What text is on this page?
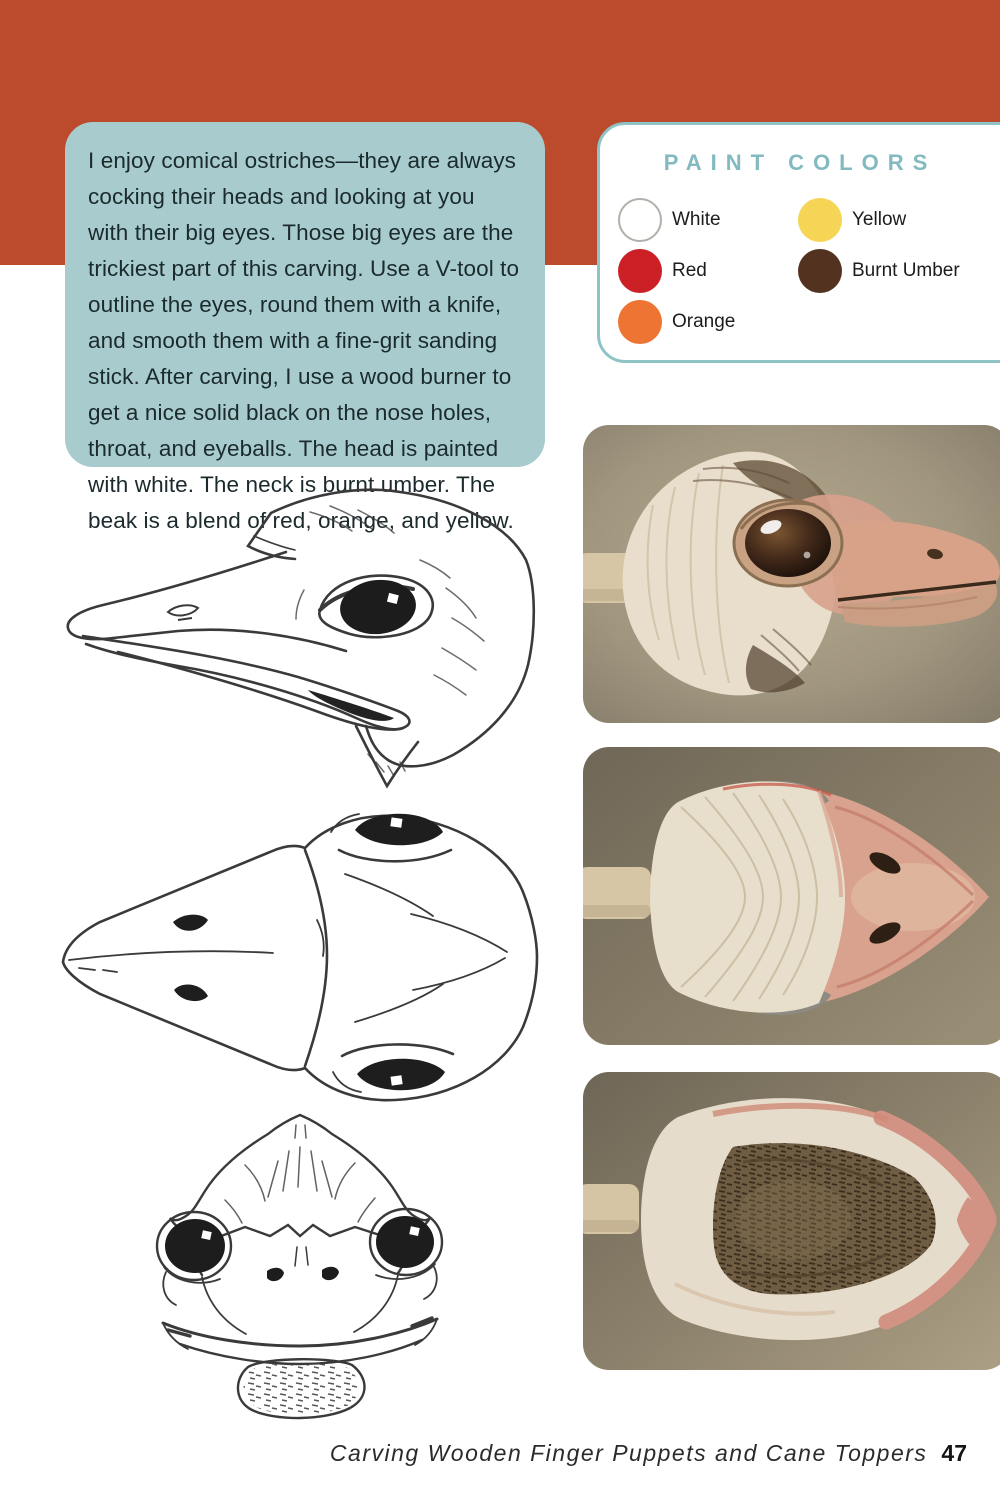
I enjoy comical ostriches—they are always cocking their heads and looking at you with their big eyes. Those big eyes are the trickiest part of this carving. Use a V-tool to outline the eyes, round them with a knife, and smooth them with a fine-grit sanding stick. After carving, I use a wood burner to get a nice solid black on the nose holes, throat, and eyeballs. The head is painted with white. The neck is burnt umber. The beak is a blend of red, orange, and yellow.

PAINT COLORS
White
Red
Orange
Yellow
Burnt Umber
Carving Wooden Finger Puppets and Cane Toppers 47
